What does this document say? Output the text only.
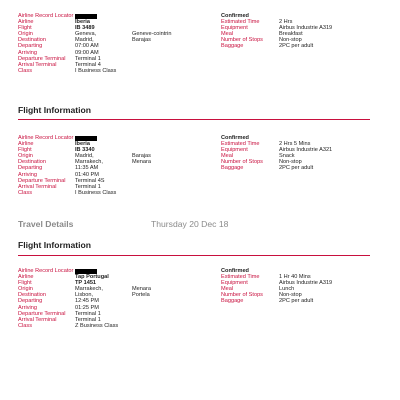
Airline Record Locator
Airline	Iberia
Flight	IB 3489
Origin	Geneva,	Geneve-cointrin
Destination	Madrid,	Barajas
Departing	07:00 AM
Arriving	09:00 AM
Departure Terminal	Terminal 1
Arrival Terminal	Terminal 4
Class	I Business Class
Confirmed
Estimated Time	2 Hrs
Equipment	Airbus Industrie A319
Meal	Breakfast
Number of Stops	Non-stop
Baggage	2PC per adult
Flight Information
Airline Record Locator
Airline	Iberia
Flight	IB 3340
Origin	Madrid,	Barajas
Destination	Marrakech,	Menara
Departing	11:35 AM
Arriving	01:40 PM
Departure Terminal	Terminal 4S
Arrival Terminal	Terminal 1
Class	I Business Class
Confirmed
Estimated Time	2 Hrs 5 Mins
Equipment	Airbus Industrie A321
Meal	Snack
Number of Stops	Non-stop
Baggage	2PC per adult
Travel Details	Thursday 20 Dec 18
Flight Information
Airline Record Locator
Airline	Tap Portugal
Flight	TP 1451
Origin	Marrakech,	Menara
Destination	Lisbon,	Portela
Departing	12:45 PM
Arriving	01:25 PM
Departure Terminal	Terminal 1
Arrival Terminal	Terminal 1
Class	Z Business Class
Confirmed
Estimated Time	1 Hr 40 Mins
Equipment	Airbus Industrie A319
Meal	Lunch
Number of Stops	Non-stop
Baggage	2PC per adult
